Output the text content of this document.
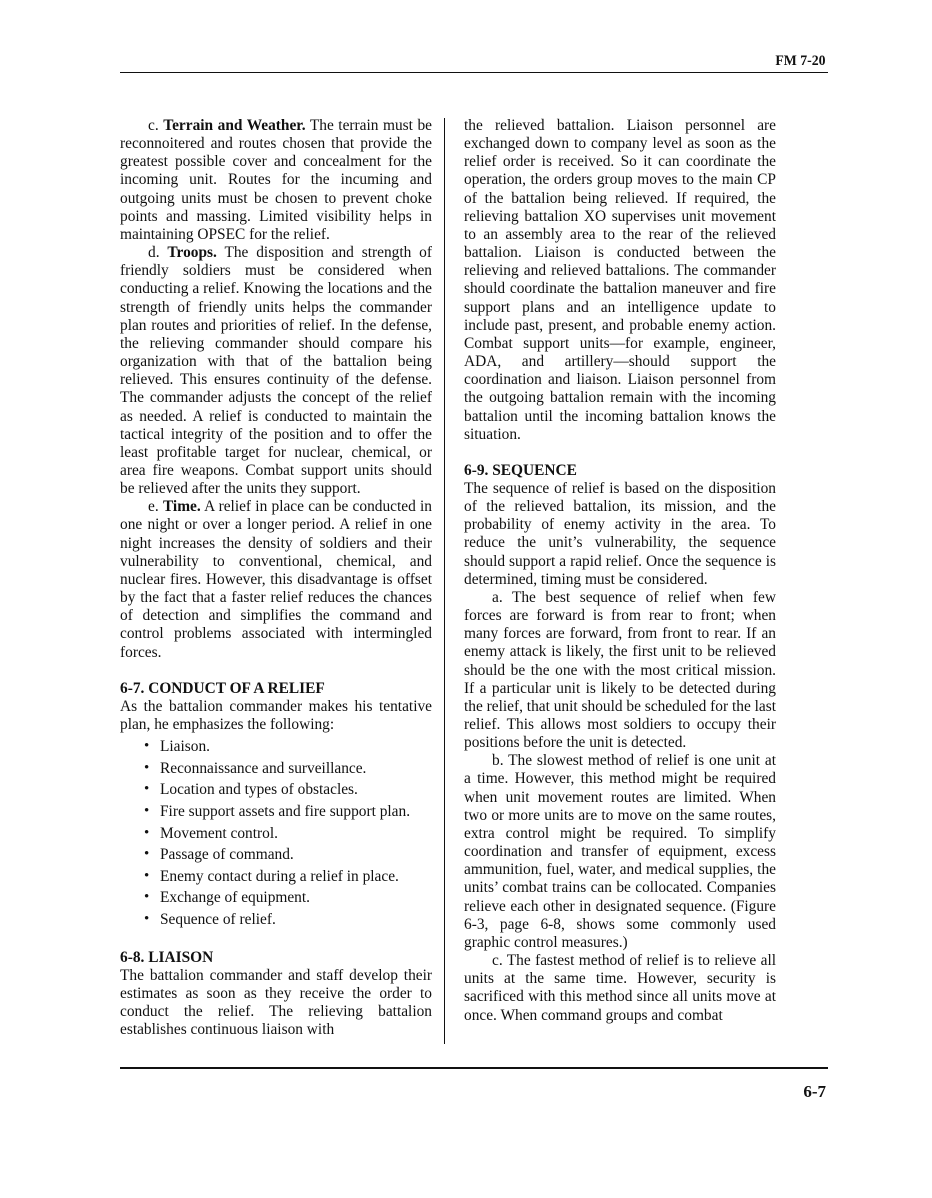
FM 7-20

c. Terrain and Weather. The terrain must be reconnoitered and routes chosen that provide the greatest possible cover and concealment for the incoming unit. Routes for the incuming and outgoing units must be chosen to prevent choke points and massing. Limited visibility helps in maintaining OPSEC for the relief.

d. Troops. The disposition and strength of friendly soldiers must be considered when conducting a relief. Knowing the locations and the strength of friendly units helps the commander plan routes and priorities of relief. In the defense, the relieving commander should compare his organization with that of the battalion being relieved. This ensures continuity of the defense. The commander adjusts the concept of the relief as needed. A relief is conducted to maintain the tactical integrity of the position and to offer the least profitable target for nuclear, chemical, or area fire weapons. Combat support units should be relieved after the units they support.

e. Time. A relief in place can be conducted in one night or over a longer period. A relief in one night increases the density of soldiers and their vulnerability to conventional, chemical, and nuclear fires. However, this disadvantage is offset by the fact that a faster relief reduces the chances of detection and simplifies the command and control problems associated with intermingled forces.

6-7. CONDUCT OF A RELIEF

As the battalion commander makes his tentative plan, he emphasizes the following:

• Liaison.
• Reconnaissance and surveillance.
• Location and types of obstacles.
• Fire support assets and fire support plan.
• Movement control.
• Passage of command.
• Enemy contact during a relief in place.
• Exchange of equipment.
• Sequence of relief.
6-8. LIAISON

The battalion commander and staff develop their estimates as soon as they receive the order to conduct the relief. The relieving battalion establishes continuous liaison with

the relieved battalion. Liaison personnel are exchanged down to company level as soon as the relief order is received. So it can coordinate the operation, the orders group moves to the main CP of the battalion being relieved. If required, the relieving battalion XO supervises unit movement to an assembly area to the rear of the relieved battalion. Liaison is conducted between the relieving and relieved battalions. The commander should coordinate the battalion maneuver and fire support plans and an intelligence update to include past, present, and probable enemy action. Combat support units—for example, engineer, ADA, and artillery—should support the coordination and liaison. Liaison personnel from the outgoing battalion remain with the incoming battalion until the incoming battalion knows the situation.

6-9. SEQUENCE

The sequence of relief is based on the disposition of the relieved battalion, its mission, and the probability of enemy activity in the area. To reduce the unit’s vulnerability, the sequence should support a rapid relief. Once the sequence is determined, timing must be considered.

a. The best sequence of relief when few forces are forward is from rear to front; when many forces are forward, from front to rear. If an enemy attack is likely, the first unit to be relieved should be the one with the most critical mission. If a particular unit is likely to be detected during the relief, that unit should be scheduled for the last relief. This allows most soldiers to occupy their positions before the unit is detected.

b. The slowest method of relief is one unit at a time. However, this method might be required when unit movement routes are limited. When two or more units are to move on the same routes, extra control might be required. To simplify coordination and transfer of equipment, excess ammunition, fuel, water, and medical supplies, the units’ combat trains can be collocated. Companies relieve each other in designated sequence. (Figure 6-3, page 6-8, shows some commonly used graphic control measures.)

c. The fastest method of relief is to relieve all units at the same time. However, security is sacrificed with this method since all units move at once. When command groups and combat

6-7
